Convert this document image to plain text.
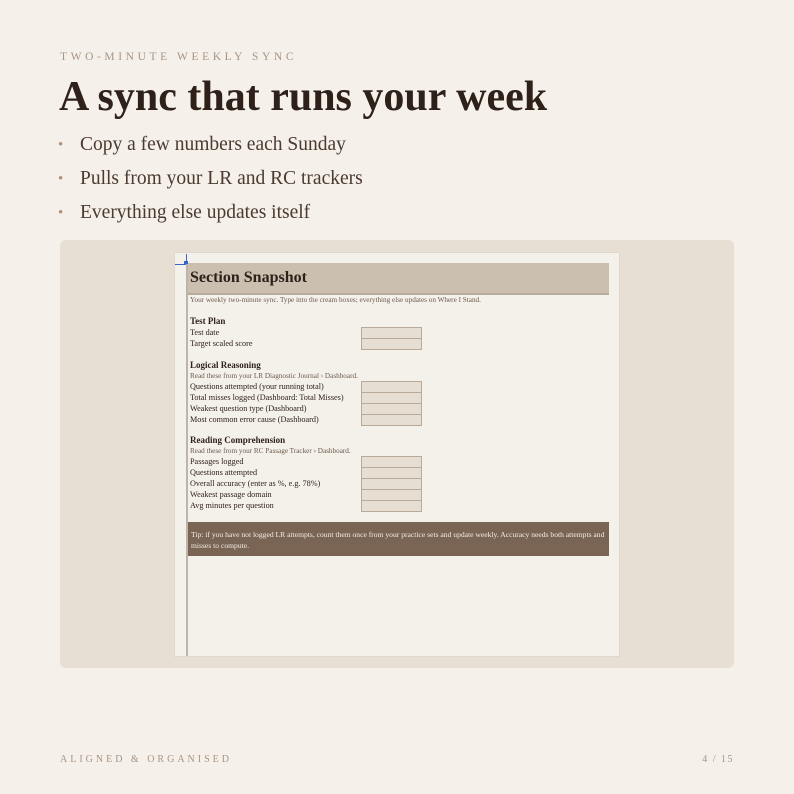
TWO-MINUTE WEEKLY SYNC
A sync that runs your week
• Copy a few numbers each Sunday
• Pulls from your LR and RC trackers
• Everything else updates itself
Section Snapshot
Your weekly two-minute sync. Type into the cream boxes; everything else updates on Where I Stand.
Test Plan
Test date
Target scaled score
Logical Reasoning
Read these from your LR Diagnostic Journal › Dashboard.
Questions attempted (your running total)
Total misses logged (Dashboard: Total Misses)
Weakest question type (Dashboard)
Most common error cause (Dashboard)
Reading Comprehension
Read these from your RC Passage Tracker › Dashboard.
Passages logged
Questions attempted
Overall accuracy (enter as %, e.g. 78%)
Weakest passage domain
Avg minutes per question
Tip: if you have not logged LR attempts, count them once from your practice sets and update weekly. Accuracy needs both attempts and misses to compute.
ALIGNED & ORGANISED	4 / 15
